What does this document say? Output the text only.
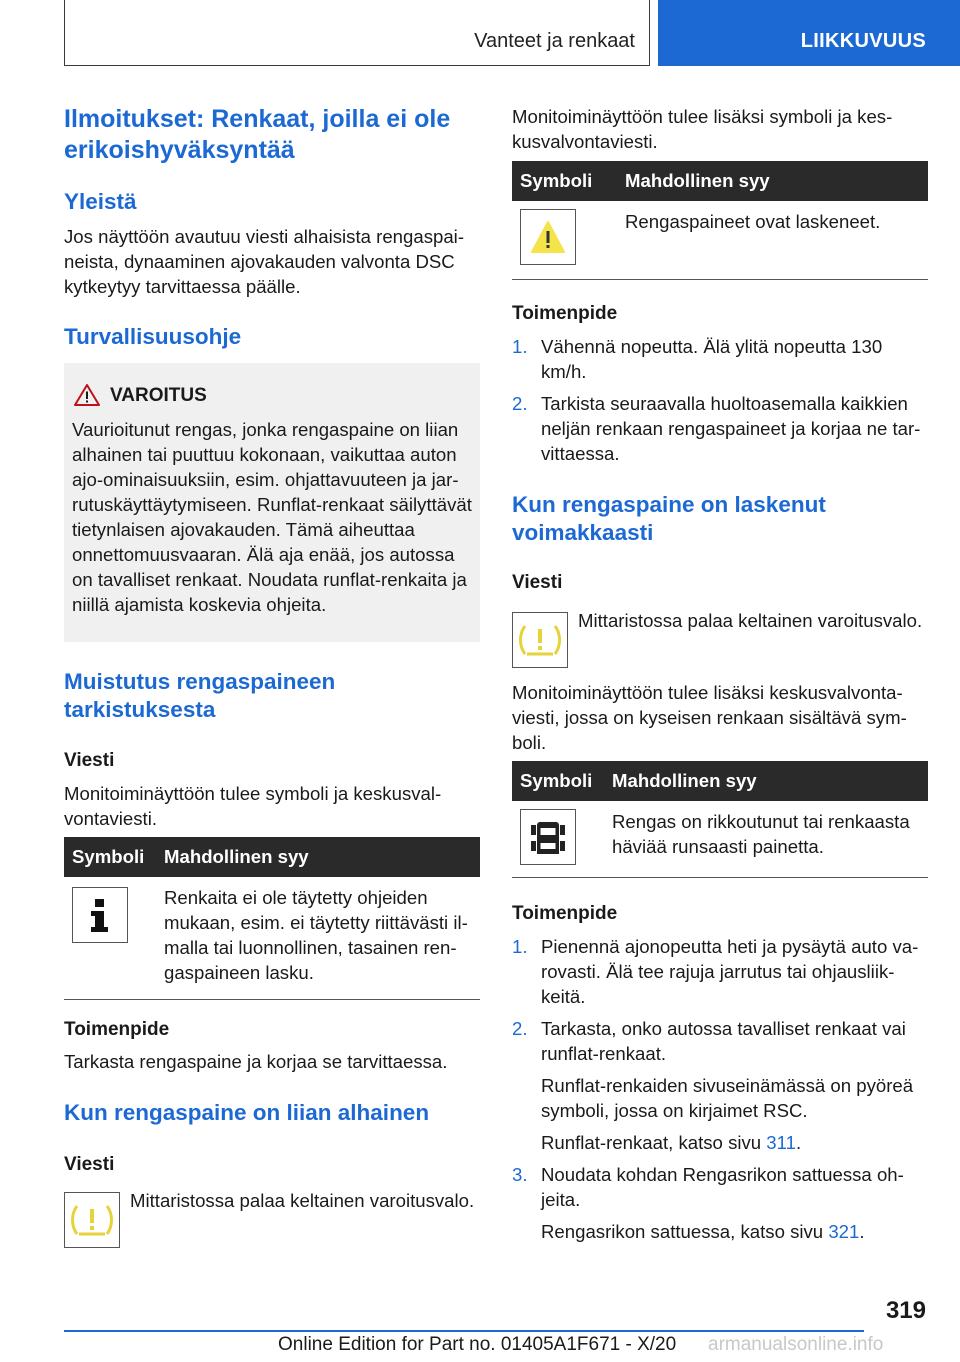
Vanteet ja renkaat	LIIKKUVUUS
Ilmoitukset: Renkaat, joilla ei ole erikoishyväksyntää
Yleistä
Jos näyttöön avautuu viesti alhaisista rengaspaineista, dynaaminen ajovakauden valvonta DSC kytkeytyy tarvittaessa päälle.
Turvallisuusohje
VAROITUS
Vaurioitunut rengas, jonka rengaspaine on liian alhainen tai puuttuu kokonaan, vaikuttaa auton ajo-ominaisuuksiin, esim. ohjattavuuteen ja jarrutuskäyttäytymiseen. Runflat-renkaat säilyttävät tietynlaisen ajovakauden. Tämä aiheuttaa onnettomuusvaaran. Älä aja enää, jos autossa on tavalliset renkaat. Noudata runflat-renkaita ja niillä ajamista koskevia ohjeita.
Muistutus rengaspaineen tarkistuksesta
Viesti
Monitoiminäyttöön tulee symboli ja keskusvalvontaviesti.
Symboli	Mahdollinen syy

	Renkaita ei ole täytetty ohjeiden mukaan, esim. ei täytetty riittävästi ilmalla tai luonnollinen, tasainen rengaspaineen lasku.
Toimenpide
Tarkasta rengaspaine ja korjaa se tarvittaessa.
Kun rengaspaine on liian alhainen
Viesti
Mittaristossa palaa keltainen varoitusvalo.
Monitoiminäyttöön tulee lisäksi symboli ja keskusvalvontaviesti.
Symboli	Mahdollinen syy

	Rengaspaineet ovat laskeneet.
Toimenpide
1. Vähennä nopeutta. Älä ylitä nopeutta 130 km/h.
2. Tarkista seuraavalla huoltoasemalla kaikkien neljän renkaan rengaspaineet ja korjaa ne tarvittaessa.
Kun rengaspaine on laskenut voimakkaasti
Viesti
Mittaristossa palaa keltainen varoitusvalo.
Monitoiminäyttöön tulee lisäksi keskusvalvontaviesti, jossa on kyseisen renkaan sisältävä symboli.
Symboli	Mahdollinen syy

	Rengas on rikkoutunut tai renkaasta häviää runsaasti painetta.
Toimenpide
1. Pienennä ajonopeutta heti ja pysäytä auto varovasti. Älä tee rajuja jarrutus tai ohjausliikkeitä.
2. Tarkasta, onko autossa tavalliset renkaat vai runflat-renkaat.
Runflat-renkaiden sivuseinämässä on pyöreä symboli, jossa on kirjaimet RSC.
Runflat-renkaat, katso sivu 311.
3. Noudata kohdan Rengasrikon sattuessa ohjeita.
Rengasrikon sattuessa, katso sivu 321.
319
Online Edition for Part no. 01405A1F671 - X/20 armanualsonline.info
